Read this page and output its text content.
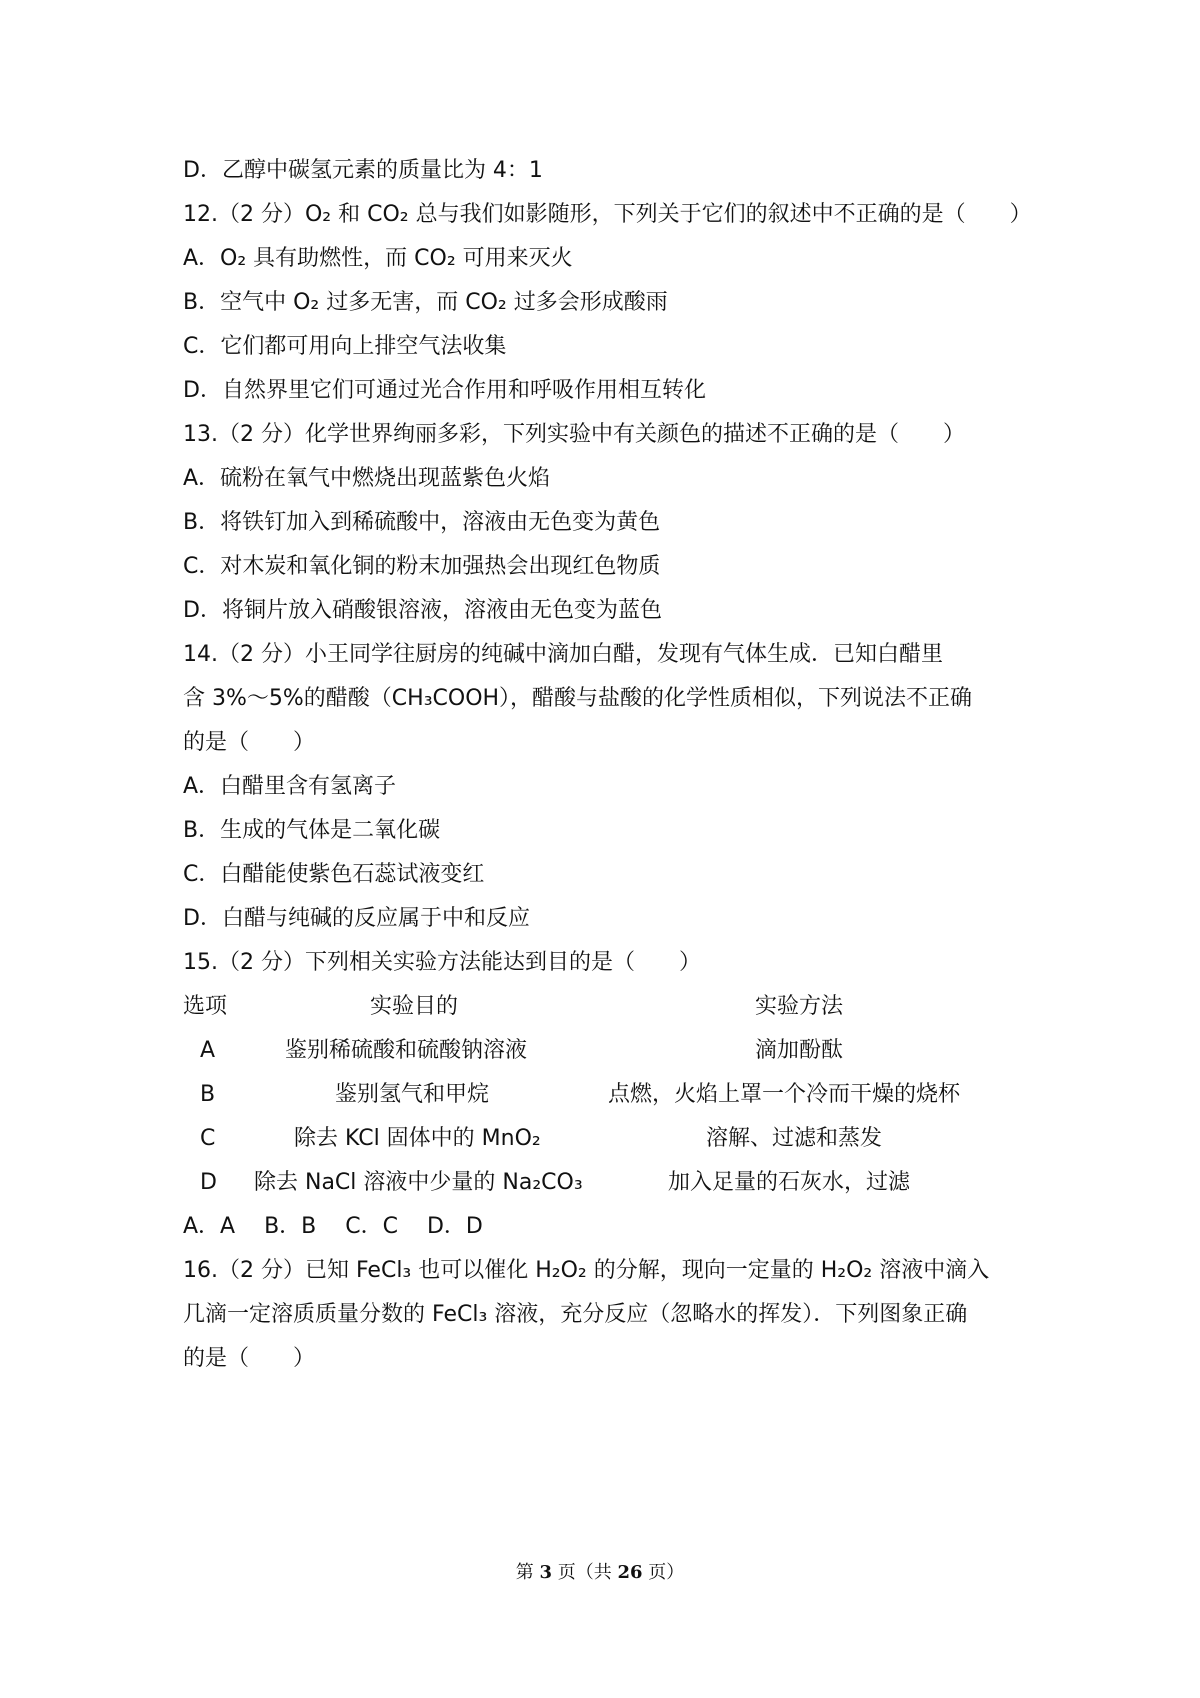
D．乙醇中碳氢元素的质量比为 4：1
12.（2 分）O₂ 和 CO₂ 总与我们如影随形，下列关于它们的叙述中不正确的是（　　）
A．O₂ 具有助燃性，而 CO₂ 可用来灭火
B．空气中 O₂ 过多无害，而 CO₂ 过多会形成酸雨
C．它们都可用向上排空气法收集
D．自然界里它们可通过光合作用和呼吸作用相互转化
13.（2 分）化学世界绚丽多彩，下列实验中有关颜色的描述不正确的是（　　）
A．硫粉在氧气中燃烧出现蓝紫色火焰
B．将铁钉加入到稀硫酸中，溶液由无色变为黄色
C．对木炭和氧化铜的粉末加强热会出现红色物质
D．将铜片放入硝酸银溶液，溶液由无色变为蓝色
14.（2 分）小王同学往厨房的纯碱中滴加白醋，发现有气体生成．已知白醋里
含 3%～5%的醋酸（CH₃COOH），醋酸与盐酸的化学性质相似，下列说法不正确
的是（　　）
A．白醋里含有氢离子
B．生成的气体是二氧化碳
C．白醋能使紫色石蕊试液变红
D．白醋与纯碱的反应属于中和反应
15.（2 分）下列相关实验方法能达到目的是（　　）
选项	实验目的	实验方法
A	鉴别稀硫酸和硫酸钠溶液	滴加酚酞
B	鉴别氢气和甲烷	点燃，火焰上罩一个冷而干燥的烧杯
C	除去 KCl 固体中的 MnO₂	溶解、过滤和蒸发
D 除去 NaCl 溶液中少量的 Na₂CO₃	加入足量的石灰水，过滤
A．A　 B．B　 C．C　 D．D
16.（2 分）已知 FeCl₃ 也可以催化 H₂O₂ 的分解，现向一定量的 H₂O₂ 溶液中滴入
几滴一定溶质质量分数的 FeCl₃ 溶液，充分反应（忽略水的挥发）．下列图象正确
的是（　　）
第 3 页（共 26 页）
